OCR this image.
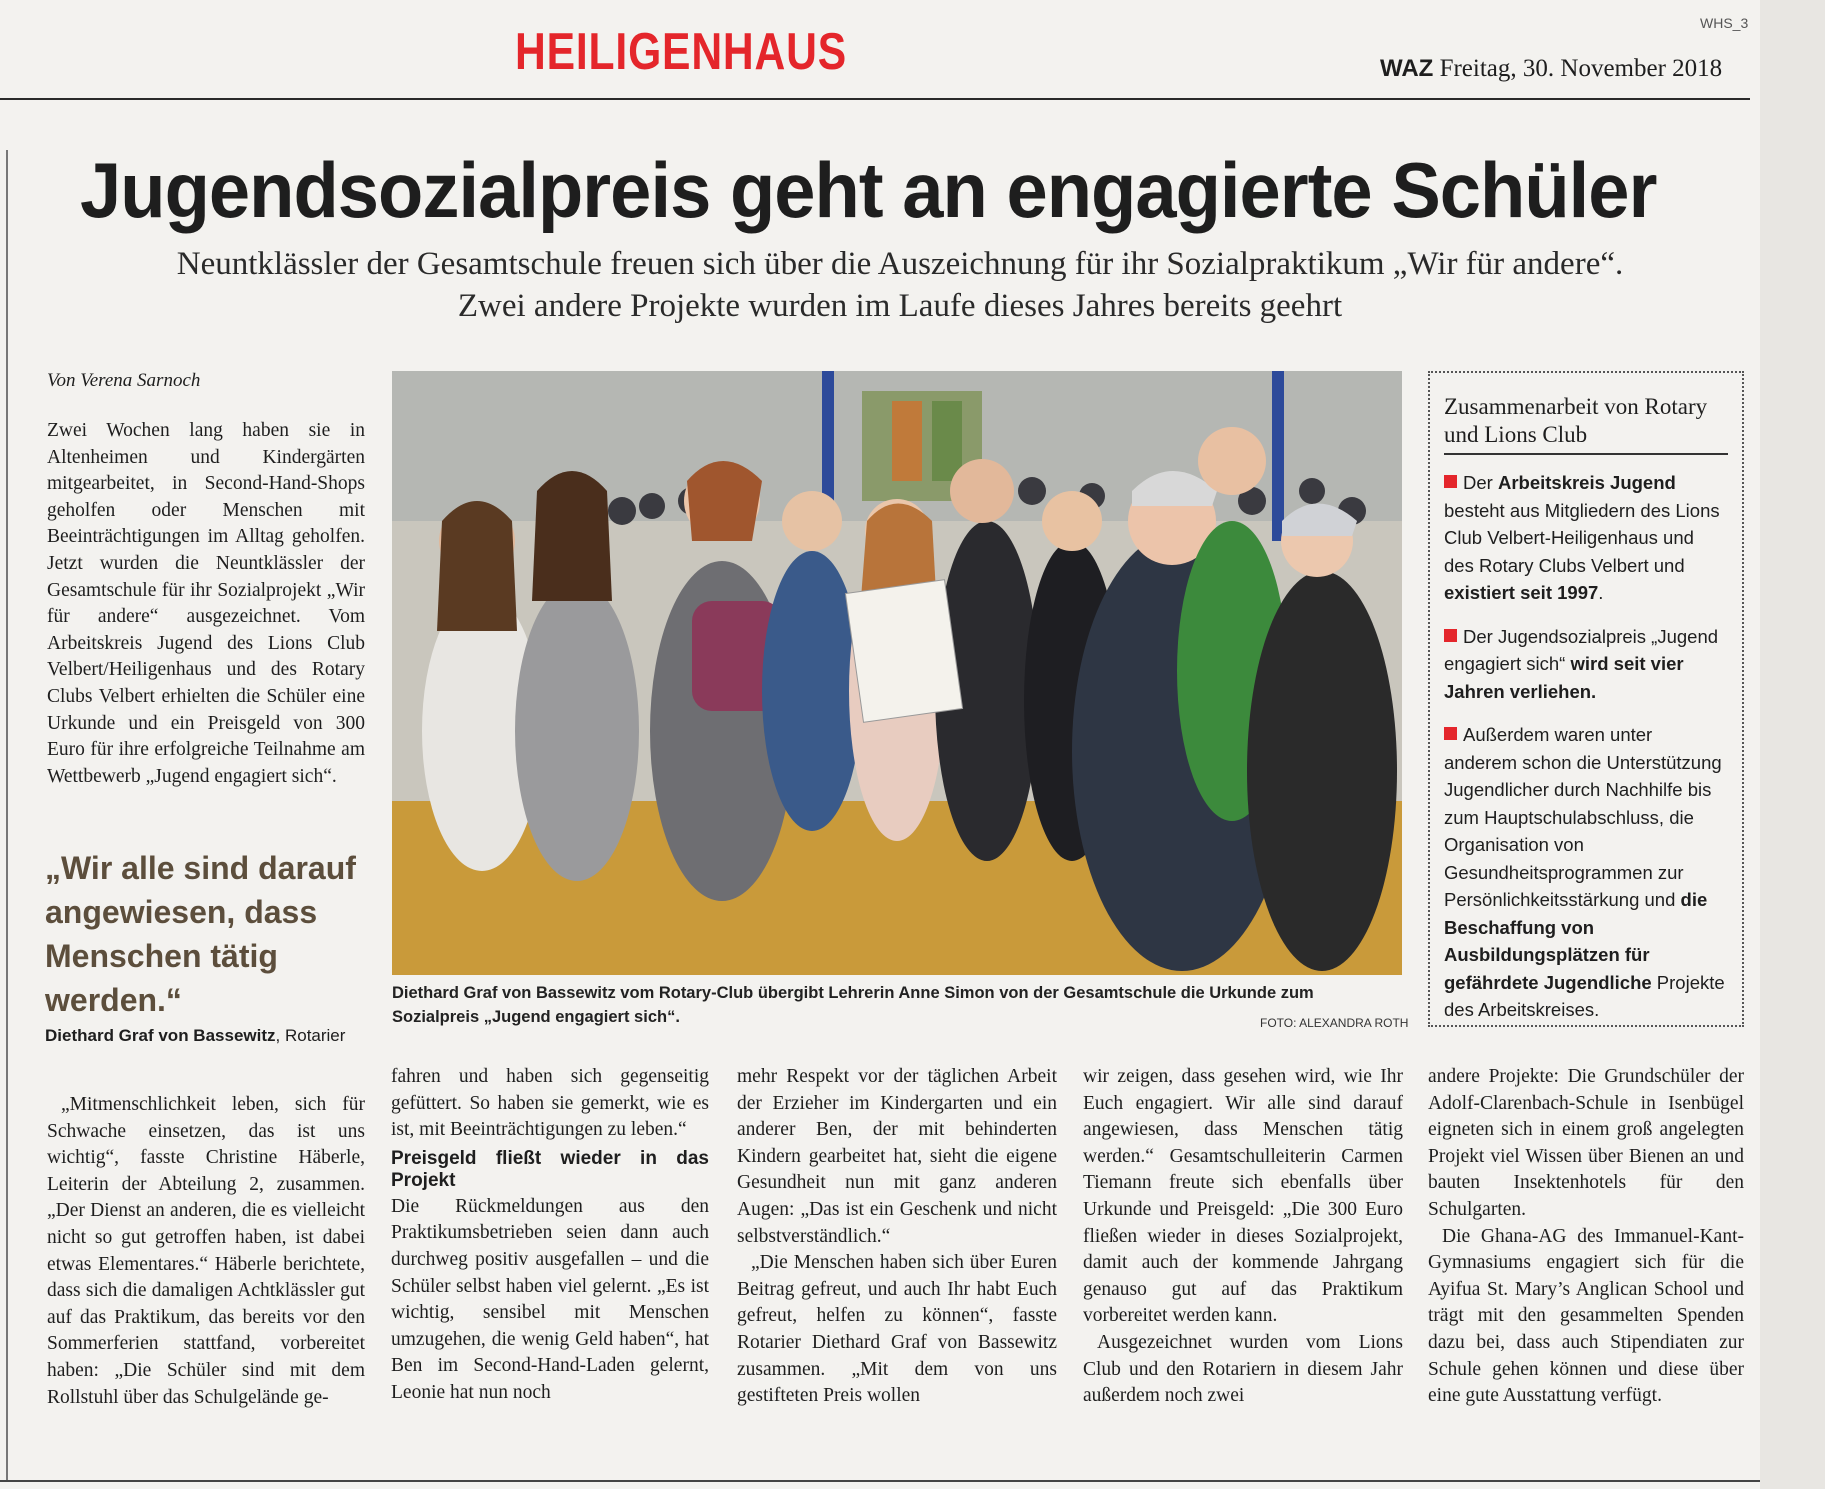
WHS_3
HEILIGENHAUS	WAZ Freitag, 30. November 2018
Jugendsozialpreis geht an engagierte Schüler
Neuntklässler der Gesamtschule freuen sich über die Auszeichnung für ihr Sozialpraktikum „Wir für andere“. Zwei andere Projekte wurden im Laufe dieses Jahres bereits geehrt
Von Verena Sarnoch

Zwei Wochen lang haben sie in Altenheimen und Kindergärten mitgearbeitet, in Second-Hand-Shops geholfen oder Menschen mit Beeinträchtigungen im Alltag geholfen. Jetzt wurden die Neuntklässler der Gesamtschule für ihr Sozialprojekt „Wir für andere“ ausgezeichnet. Vom Arbeitskreis Jugend des Lions Club Velbert/Heiligenhaus und des Rotary Clubs Velbert erhielten die Schüler eine Urkunde und ein Preisgeld von 300 Euro für ihre erfolgreiche Teilnahme am Wettbewerb „Jugend engagiert sich“.

„Wir alle sind darauf angewiesen, dass Menschen tätig werden.“
Diethard Graf von Bassewitz, Rotarier

„Mitmenschlichkeit leben, sich für Schwache einsetzen, das ist uns wichtig“, fasste Christine Häberle, Leiterin der Abteilung 2, zusammen. „Der Dienst an anderen, die es vielleicht nicht so gut getroffen haben, ist dabei etwas Elementares.“ Häberle berichtete, dass sich die damaligen Achtklässler gut auf das Praktikum, das bereits vor den Sommerferien stattfand, vorbereitet haben: „Die Schüler sind mit dem Rollstuhl über das Schulgelände ge-

Diethard Graf von Bassewitz vom Rotary-Club übergibt Lehrerin Anne Simon von der Gesamtschule die Urkunde zum Sozialpreis „Jugend engagiert sich“.	FOTO: ALEXANDRA ROTH

fahren und haben sich gegenseitig gefüttert. So haben sie gemerkt, wie es ist, mit Beeinträchtigungen zu leben.“

Preisgeld fließt wieder in das Projekt

Die Rückmeldungen aus den Praktikumsbetrieben seien dann auch durchweg positiv ausgefallen – und die Schüler selbst haben viel gelernt. „Es ist wichtig, sensibel mit Menschen umzugehen, die wenig Geld haben“, hat Ben im Second-Hand-Laden gelernt, Leonie hat nun noch

mehr Respekt vor der täglichen Arbeit der Erzieher im Kindergarten und ein anderer Ben, der mit behinderten Kindern gearbeitet hat, sieht die eigene Gesundheit nun mit ganz anderen Augen: „Das ist ein Geschenk und nicht selbstverständlich.“

„Die Menschen haben sich über Euren Beitrag gefreut, und auch Ihr habt Euch gefreut, helfen zu können“, fasste Rotarier Diethard Graf von Bassewitz zusammen. „Mit dem von uns gestifteten Preis wollen

wir zeigen, dass gesehen wird, wie Ihr Euch engagiert. Wir alle sind darauf angewiesen, dass Menschen tätig werden.“ Gesamtschulleiterin Carmen Tiemann freute sich ebenfalls über Urkunde und Preisgeld: „Die 300 Euro fließen wieder in dieses Sozialprojekt, damit auch der kommende Jahrgang genauso gut auf das Praktikum vorbereitet werden kann.

Ausgezeichnet wurden vom Lions Club und den Rotariern in diesem Jahr außerdem noch zwei

andere Projekte: Die Grundschüler der Adolf-Clarenbach-Schule in Isenbügel eigneten sich in einem groß angelegten Projekt viel Wissen über Bienen an und bauten Insektenhotels für den Schulgarten.

Die Ghana-AG des Immanuel-Kant-Gymnasiums engagiert sich für die Ayifua St. Mary’s Anglican School und trägt mit den gesammelten Spenden dazu bei, dass auch Stipendiaten zur Schule gehen können und diese über eine gute Ausstattung verfügt.

Zusammenarbeit von Rotary und Lions Club
Der Arbeitskreis Jugend besteht aus Mitgliedern des Lions Club Velbert-Heiligenhaus und des Rotary Clubs Velbert und existiert seit 1997.
Der Jugendsozialpreis „Jugend engagiert sich“ wird seit vier Jahren verliehen.
Außerdem waren unter anderem schon die Unterstützung Jugendlicher durch Nachhilfe bis zum Hauptschulabschluss, die Organisation von Gesundheitsprogrammen zur Persönlichkeitsstärkung und die Beschaffung von Ausbildungsplätzen für gefährdete Jugendliche Projekte des Arbeitskreises.
